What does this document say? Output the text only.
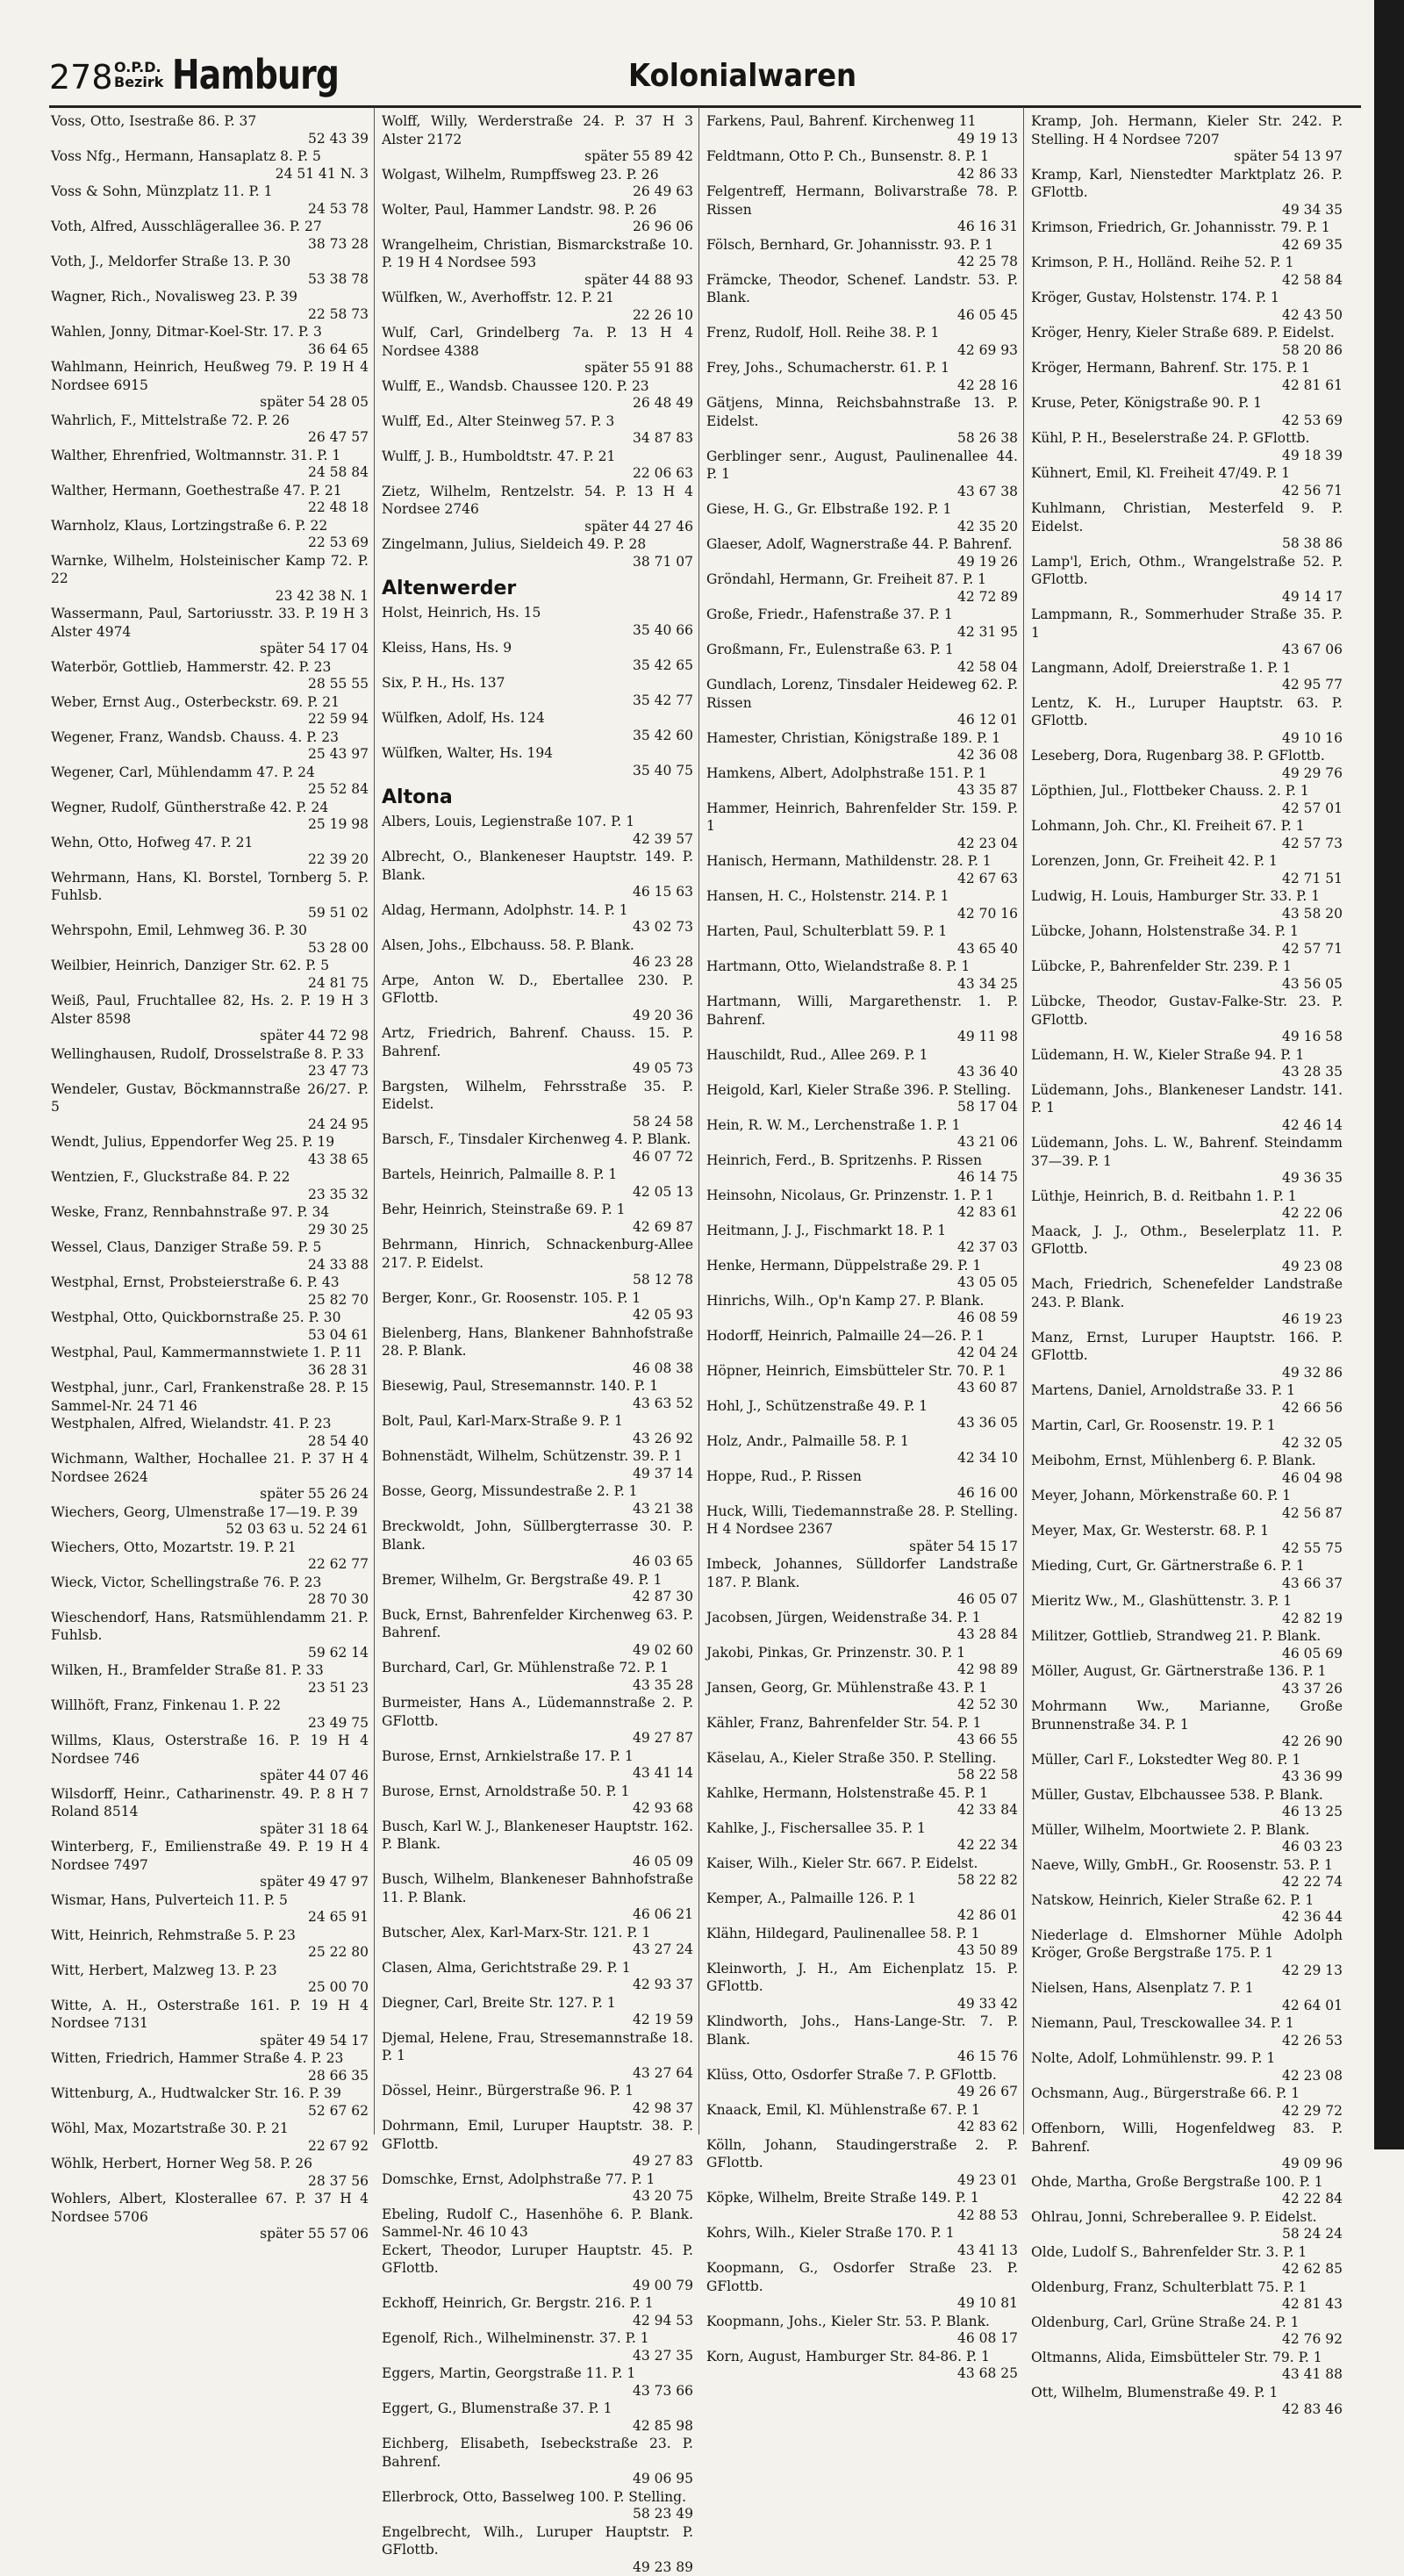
278 O.P.D.
Bezirk Hamburg	Kolonialwaren
Voss, Otto, Isestraße 86. P. 37
52 43 39
Voss Nfg., Hermann, Hansaplatz 8. P. 5
24 51 41 N. 3
Voss & Sohn, Münzplatz 11. P. 1
24 53 78
Voth, Alfred, Ausschlägerallee 36. P. 27
38 73 28
Voth, J., Meldorfer Straße 13. P. 30
53 38 78
Wagner, Rich., Novalisweg 23. P. 39
22 58 73
Wahlen, Jonny, Ditmar-Koel-Str. 17. P. 3
36 64 65
Wahlmann, Heinrich, Heußweg 79. P. 19 H 4 Nordsee 6915
später 54 28 05
Wahrlich, F., Mittelstraße 72. P. 26
26 47 57
Walther, Ehrenfried, Woltmannstr. 31. P. 1
24 58 84
Walther, Hermann, Goethestraße 47. P. 21
22 48 18
Warnholz, Klaus, Lortzingstraße 6. P. 22
22 53 69
Warnke, Wilhelm, Holsteinischer Kamp 72. P. 22
23 42 38 N. 1
Wassermann, Paul, Sartoriusstr. 33. P. 19 H 3 Alster 4974
später 54 17 04
Waterbör, Gottlieb, Hammerstr. 42. P. 23
28 55 55
Weber, Ernst Aug., Osterbeckstr. 69. P. 21
22 59 94
Wegener, Franz, Wandsb. Chauss. 4. P. 23
25 43 97
Wegener, Carl, Mühlendamm 47. P. 24
25 52 84
Wegner, Rudolf, Güntherstraße 42. P. 24
25 19 98
Wehn, Otto, Hofweg 47. P. 21
22 39 20
Wehrmann, Hans, Kl. Borstel, Tornberg 5. P. Fuhlsb.
59 51 02
Wehrspohn, Emil, Lehmweg 36. P. 30
53 28 00
Weilbier, Heinrich, Danziger Str. 62. P. 5
24 81 75
Weiß, Paul, Fruchtallee 82, Hs. 2. P. 19 H 3 Alster 8598
später 44 72 98
Wellinghausen, Rudolf, Drosselstraße 8. P. 33
23 47 73
Wendeler, Gustav, Böckmannstraße 26/27. P. 5
24 24 95
Wendt, Julius, Eppendorfer Weg 25. P. 19
43 38 65
Wentzien, F., Gluckstraße 84. P. 22
23 35 32
Weske, Franz, Rennbahnstraße 97. P. 34
29 30 25
Wessel, Claus, Danziger Straße 59. P. 5
24 33 88
Westphal, Ernst, Probsteierstraße 6. P. 43
25 82 70
Westphal, Otto, Quickbornstraße 25. P. 30
53 04 61
Westphal, Paul, Kammermannstwiete 1. P. 11
36 28 31
Westphal, junr., Carl, Frankenstraße 28. P. 15 Sammel-Nr. 24 71 46
Westphalen, Alfred, Wielandstr. 41. P. 23
28 54 40
Wichmann, Walther, Hochallee 21. P. 37 H 4 Nordsee 2624
später 55 26 24
Wiechers, Georg, Ulmenstraße 17—19. P. 39
52 03 63 u. 52 24 61
Wiechers, Otto, Mozartstr. 19. P. 21
22 62 77
Wieck, Victor, Schellingstraße 76. P. 23
28 70 30
Wieschendorf, Hans, Ratsmühlendamm 21. P. Fuhlsb.
59 62 14
Wilken, H., Bramfelder Straße 81. P. 33
23 51 23
Willhöft, Franz, Finkenau 1. P. 22
23 49 75
Willms, Klaus, Osterstraße 16. P. 19 H 4 Nordsee 746
später 44 07 46
Wilsdorff, Heinr., Catharinenstr. 49. P. 8 H 7 Roland 8514
später 31 18 64
Winterberg, F., Emilienstraße 49. P. 19 H 4 Nordsee 7497
später 49 47 97
Wismar, Hans, Pulverteich 11. P. 5
24 65 91
Witt, Heinrich, Rehmstraße 5. P. 23
25 22 80
Witt, Herbert, Malzweg 13. P. 23
25 00 70
Witte, A. H., Osterstraße 161. P. 19 H 4 Nordsee 7131
später 49 54 17
Witten, Friedrich, Hammer Straße 4. P. 23
28 66 35
Wittenburg, A., Hudtwalcker Str. 16. P. 39
52 67 62
Wöhl, Max, Mozartstraße 30. P. 21
22 67 92
Wöhlk, Herbert, Horner Weg 58. P. 26
28 37 56
Wohlers, Albert, Klosterallee 67. P. 37 H 4 Nordsee 5706
später 55 57 06
Wolff, Willy, Werderstraße 24. P. 37 H 3 Alster 2172
später 55 89 42
Wolgast, Wilhelm, Rumpffsweg 23. P. 26
26 49 63
Wolter, Paul, Hammer Landstr. 98. P. 26
26 96 06
Wrangelheim, Christian, Bismarckstraße 10. P. 19 H 4 Nordsee 593
später 44 88 93
Wülfken, W., Averhoffstr. 12. P. 21
22 26 10
Wulf, Carl, Grindelberg 7a. P. 13 H 4 Nordsee 4388
später 55 91 88
Wulff, E., Wandsb. Chaussee 120. P. 23
26 48 49
Wulff, Ed., Alter Steinweg 57. P. 3
34 87 83
Wulff, J. B., Humboldtstr. 47. P. 21
22 06 63
Zietz, Wilhelm, Rentzelstr. 54. P. 13 H 4 Nordsee 2746
später 44 27 46
Zingelmann, Julius, Sieldeich 49. P. 28
38 71 07
Altenwerder
Holst, Heinrich, Hs. 15
35 40 66
Kleiss, Hans, Hs. 9
35 42 65
Six, P. H., Hs. 137
35 42 77
Wülfken, Adolf, Hs. 124
35 42 60
Wülfken, Walter, Hs. 194
35 40 75
Altona
Albers, Louis, Legienstraße 107. P. 1
42 39 57
Albrecht, O., Blankeneser Hauptstr. 149. P. Blank.
46 15 63
Aldag, Hermann, Adolphstr. 14. P. 1
43 02 73
Alsen, Johs., Elbchauss. 58. P. Blank.
46 23 28
Arpe, Anton W. D., Ebertallee 230. P. GFlottb.
49 20 36
Artz, Friedrich, Bahrenf. Chauss. 15. P. Bahrenf.
49 05 73
Bargsten, Wilhelm, Fehrsstraße 35. P. Eidelst.
58 24 58
Barsch, F., Tinsdaler Kirchenweg 4. P. Blank.
46 07 72
Bartels, Heinrich, Palmaille 8. P. 1
42 05 13
Behr, Heinrich, Steinstraße 69. P. 1
42 69 87
Behrmann, Hinrich, Schnackenburg-Allee 217. P. Eidelst.
58 12 78
Berger, Konr., Gr. Roosenstr. 105. P. 1
42 05 93
Bielenberg, Hans, Blankener Bahnhofstraße 28. P. Blank.
46 08 38
Biesewig, Paul, Stresemannstr. 140. P. 1
43 63 52
Bolt, Paul, Karl-Marx-Straße 9. P. 1
43 26 92
Bohnenstädt, Wilhelm, Schützenstr. 39. P. 1
49 37 14
Bosse, Georg, Missundestraße 2. P. 1
43 21 38
Breckwoldt, John, Süllbergterrasse 30. P. Blank.
46 03 65
Bremer, Wilhelm, Gr. Bergstraße 49. P. 1
42 87 30
Buck, Ernst, Bahrenfelder Kirchenweg 63. P. Bahrenf.
49 02 60
Burchard, Carl, Gr. Mühlenstraße 72. P. 1
43 35 28
Burmeister, Hans A., Lüdemannstraße 2. P. GFlottb.
49 27 87
Burose, Ernst, Arnkielstraße 17. P. 1
43 41 14
Burose, Ernst, Arnoldstraße 50. P. 1
42 93 68
Busch, Karl W. J., Blankeneser Hauptstr. 162. P. Blank.
46 05 09
Busch, Wilhelm, Blankeneser Bahnhofstraße 11. P. Blank.
46 06 21
Butscher, Alex, Karl-Marx-Str. 121. P. 1
43 27 24
Clasen, Alma, Gerichtstraße 29. P. 1
42 93 37
Diegner, Carl, Breite Str. 127. P. 1
42 19 59
Djemal, Helene, Frau, Stresemannstraße 18. P. 1
43 27 64
Dössel, Heinr., Bürgerstraße 96. P. 1
42 98 37
Dohrmann, Emil, Luruper Hauptstr. 38. P. GFlottb.
49 27 83
Domschke, Ernst, Adolphstraße 77. P. 1
43 20 75
Ebeling, Rudolf C., Hasenhöhe 6. P. Blank. Sammel-Nr. 46 10 43
Eckert, Theodor, Luruper Hauptstr. 45. P. GFlottb.
49 00 79
Eckhoff, Heinrich, Gr. Bergstr. 216. P. 1
42 94 53
Egenolf, Rich., Wilhelminenstr. 37. P. 1
43 27 35
Eggers, Martin, Georgstraße 11. P. 1
43 73 66
Eggert, G., Blumenstraße 37. P. 1
42 85 98
Eichberg, Elisabeth, Isebeckstraße 23. P. Bahrenf.
49 06 95
Ellerbrock, Otto, Basselweg 100. P. Stelling.
58 23 49
Engelbrecht, Wilh., Luruper Hauptstr. P. GFlottb.
49 23 89
Farkens, Paul, Bahrenf. Kirchenweg 11
49 19 13
Feldtmann, Otto P. Ch., Bunsenstr. 8. P. 1
42 86 33
Felgentreff, Hermann, Bolivarstraße 78. P. Rissen
46 16 31
Fölsch, Bernhard, Gr. Johannisstr. 93. P. 1
42 25 78
Främcke, Theodor, Schenef. Landstr. 53. P. Blank.
46 05 45
Frenz, Rudolf, Holl. Reihe 38. P. 1
42 69 93
Frey, Johs., Schumacherstr. 61. P. 1
42 28 16
Gätjens, Minna, Reichsbahnstraße 13. P. Eidelst.
58 26 38
Gerblinger senr., August, Paulinenallee 44. P. 1
43 67 38
Giese, H. G., Gr. Elbstraße 192. P. 1
42 35 20
Glaeser, Adolf, Wagnerstraße 44. P. Bahrenf.
49 19 26
Gröndahl, Hermann, Gr. Freiheit 87. P. 1
42 72 89
Große, Friedr., Hafenstraße 37. P. 1
42 31 95
Großmann, Fr., Eulenstraße 63. P. 1
42 58 04
Gundlach, Lorenz, Tinsdaler Heideweg 62. P. Rissen
46 12 01
Hamester, Christian, Königstraße 189. P. 1
42 36 08
Hamkens, Albert, Adolphstraße 151. P. 1
43 35 87
Hammer, Heinrich, Bahrenfelder Str. 159. P. 1
42 23 04
Hanisch, Hermann, Mathildenstr. 28. P. 1
42 67 63
Hansen, H. C., Holstenstr. 214. P. 1
42 70 16
Harten, Paul, Schulterblatt 59. P. 1
43 65 40
Hartmann, Otto, Wielandstraße 8. P. 1
43 34 25
Hartmann, Willi, Margarethenstr. 1. P. Bahrenf.
49 11 98
Hauschildt, Rud., Allee 269. P. 1
43 36 40
Heigold, Karl, Kieler Straße 396. P. Stelling.
58 17 04
Hein, R. W. M., Lerchenstraße 1. P. 1
43 21 06
Heinrich, Ferd., B. Spritzenhs. P. Rissen
46 14 75
Heinsohn, Nicolaus, Gr. Prinzenstr. 1. P. 1
42 83 61
Heitmann, J. J., Fischmarkt 18. P. 1
42 37 03
Henke, Hermann, Düppelstraße 29. P. 1
43 05 05
Hinrichs, Wilh., Op'n Kamp 27. P. Blank.
46 08 59
Hodorff, Heinrich, Palmaille 24—26. P. 1
42 04 24
Höpner, Heinrich, Eimsbütteler Str. 70. P. 1
43 60 87
Hohl, J., Schützenstraße 49. P. 1
43 36 05
Holz, Andr., Palmaille 58. P. 1
42 34 10
Hoppe, Rud., P. Rissen
46 16 00
Huck, Willi, Tiedemannstraße 28. P. Stelling. H 4 Nordsee 2367
später 54 15 17
Imbeck, Johannes, Sülldorfer Landstraße 187. P. Blank.
46 05 07
Jacobsen, Jürgen, Weidenstraße 34. P. 1
43 28 84
Jakobi, Pinkas, Gr. Prinzenstr. 30. P. 1
42 98 89
Jansen, Georg, Gr. Mühlenstraße 43. P. 1
42 52 30
Kähler, Franz, Bahrenfelder Str. 54. P. 1
43 66 55
Käselau, A., Kieler Straße 350. P. Stelling.
58 22 58
Kahlke, Hermann, Holstenstraße 45. P. 1
42 33 84
Kahlke, J., Fischersallee 35. P. 1
42 22 34
Kaiser, Wilh., Kieler Str. 667. P. Eidelst.
58 22 82
Kemper, A., Palmaille 126. P. 1
42 86 01
Klähn, Hildegard, Paulinenallee 58. P. 1
43 50 89
Kleinworth, J. H., Am Eichenplatz 15. P. GFlottb.
49 33 42
Klindworth, Johs., Hans-Lange-Str. 7. P. Blank.
46 15 76
Klüss, Otto, Osdorfer Straße 7. P. GFlottb.
49 26 67
Knaack, Emil, Kl. Mühlenstraße 67. P. 1
42 83 62
Kölln, Johann, Staudingerstraße 2. P. GFlottb.
49 23 01
Köpke, Wilhelm, Breite Straße 149. P. 1
42 88 53
Kohrs, Wilh., Kieler Straße 170. P. 1
43 41 13
Koopmann, G., Osdorfer Straße 23. P. GFlottb.
49 10 81
Koopmann, Johs., Kieler Str. 53. P. Blank.
46 08 17
Korn, August, Hamburger Str. 84-86. P. 1
43 68 25
Kramp, Joh. Hermann, Kieler Str. 242. P. Stelling. H 4 Nordsee 7207
später 54 13 97
Kramp, Karl, Nienstedter Marktplatz 26. P. GFlottb.
49 34 35
Krimson, Friedrich, Gr. Johannisstr. 79. P. 1
42 69 35
Krimson, P. H., Holländ. Reihe 52. P. 1
42 58 84
Kröger, Gustav, Holstenstr. 174. P. 1
42 43 50
Kröger, Henry, Kieler Straße 689. P. Eidelst.
58 20 86
Kröger, Hermann, Bahrenf. Str. 175. P. 1
42 81 61
Kruse, Peter, Königstraße 90. P. 1
42 53 69
Kühl, P. H., Beselerstraße 24. P. GFlottb.
49 18 39
Kühnert, Emil, Kl. Freiheit 47/49. P. 1
42 56 71
Kuhlmann, Christian, Mesterfeld 9. P. Eidelst.
58 38 86
Lamp'l, Erich, Othm., Wrangelstraße 52. P. GFlottb.
49 14 17
Lampmann, R., Sommerhuder Straße 35. P. 1
43 67 06
Langmann, Adolf, Dreierstraße 1. P. 1
42 95 77
Lentz, K. H., Luruper Hauptstr. 63. P. GFlottb.
49 10 16
Leseberg, Dora, Rugenbarg 38. P. GFlottb.
49 29 76
Löpthien, Jul., Flottbeker Chauss. 2. P. 1
42 57 01
Lohmann, Joh. Chr., Kl. Freiheit 67. P. 1
42 57 73
Lorenzen, Jonn, Gr. Freiheit 42. P. 1
42 71 51
Ludwig, H. Louis, Hamburger Str. 33. P. 1
43 58 20
Lübcke, Johann, Holstenstraße 34. P. 1
42 57 71
Lübcke, P., Bahrenfelder Str. 239. P. 1
43 56 05
Lübcke, Theodor, Gustav-Falke-Str. 23. P. GFlottb.
49 16 58
Lüdemann, H. W., Kieler Straße 94. P. 1
43 28 35
Lüdemann, Johs., Blankeneser Landstr. 141. P. 1
42 46 14
Lüdemann, Johs. L. W., Bahrenf. Steindamm 37—39. P. 1
49 36 35
Lüthje, Heinrich, B. d. Reitbahn 1. P. 1
42 22 06
Maack, J. J., Othm., Beselerplatz 11. P. GFlottb.
49 23 08
Mach, Friedrich, Schenefelder Landstraße 243. P. Blank.
46 19 23
Manz, Ernst, Luruper Hauptstr. 166. P. GFlottb.
49 32 86
Martens, Daniel, Arnoldstraße 33. P. 1
42 66 56
Martin, Carl, Gr. Roosenstr. 19. P. 1
42 32 05
Meibohm, Ernst, Mühlenberg 6. P. Blank.
46 04 98
Meyer, Johann, Mörkenstraße 60. P. 1
42 56 87
Meyer, Max, Gr. Westerstr. 68. P. 1
42 55 75
Mieding, Curt, Gr. Gärtnerstraße 6. P. 1
43 66 37
Mieritz Ww., M., Glashüttenstr. 3. P. 1
42 82 19
Militzer, Gottlieb, Strandweg 21. P. Blank.
46 05 69
Möller, August, Gr. Gärtnerstraße 136. P. 1
43 37 26
Mohrmann Ww., Marianne, Große Brunnenstraße 34. P. 1
42 26 90
Müller, Carl F., Lokstedter Weg 80. P. 1
43 36 99
Müller, Gustav, Elbchaussee 538. P. Blank.
46 13 25
Müller, Wilhelm, Moortwiete 2. P. Blank.
46 03 23
Naeve, Willy, GmbH., Gr. Roosenstr. 53. P. 1
42 22 74
Natskow, Heinrich, Kieler Straße 62. P. 1
42 36 44
Niederlage d. Elmshorner Mühle Adolph Kröger, Große Bergstraße 175. P. 1
42 29 13
Nielsen, Hans, Alsenplatz 7. P. 1
42 64 01
Niemann, Paul, Tresckowallee 34. P. 1
42 26 53
Nolte, Adolf, Lohmühlenstr. 99. P. 1
42 23 08
Ochsmann, Aug., Bürgerstraße 66. P. 1
42 29 72
Offenborn, Willi, Hogenfeldweg 83. P. Bahrenf.
49 09 96
Ohde, Martha, Große Bergstraße 100. P. 1
42 22 84
Ohlrau, Jonni, Schreberallee 9. P. Eidelst.
58 24 24
Olde, Ludolf S., Bahrenfelder Str. 3. P. 1
42 62 85
Oldenburg, Franz, Schulterblatt 75. P. 1
42 81 43
Oldenburg, Carl, Grüne Straße 24. P. 1
42 76 92
Oltmanns, Alida, Eimsbütteler Str. 79. P. 1
43 41 88
Ott, Wilhelm, Blumenstraße 49. P. 1
42 83 46
